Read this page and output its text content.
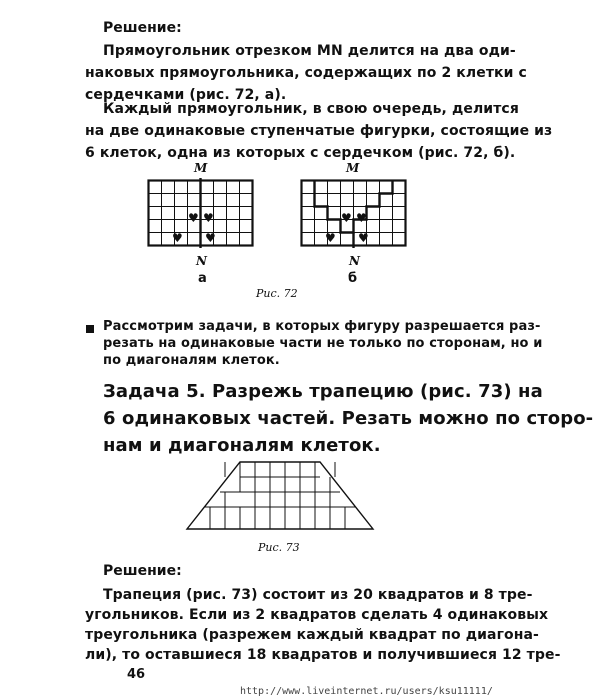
Решение:
Прямоугольник отрезком MN делится на два оди-
наковых прямоугольника, содержащих по 2 клетки с
сердечками (рис. 72, а).
Каждый прямоугольник, в свою очередь, делится
на две одинаковые ступенчатые фигурки, состоящие из
6 клеток, одна из которых с сердечком (рис. 72, б).
M	M
♥ ♥
♥ ♥
♥ ♥
♥ ♥
N	N
а	б
Рис. 72
Рассмотрим задачи, в которых фигуру разрешается раз-
резать на одинаковые части не только по сторонам, но и
по диагоналям клеток.
Задача 5. Разрежь трапецию (рис. 73) на
6 одинаковых частей. Резать можно по сторо-
нам и диагоналям клеток.
Рис. 73
Решение:
Трапеция (рис. 73) состоит из 20 квадратов и 8 тре-
угольников. Если из 2 квадратов сделать 4 одинаковых
треугольника (разрежем каждый квадрат по диагона-
ли), то оставшиеся 18 квадратов и получившиеся 12 тре-
46
http://www.liveinternet.ru/users/ksu11111/
